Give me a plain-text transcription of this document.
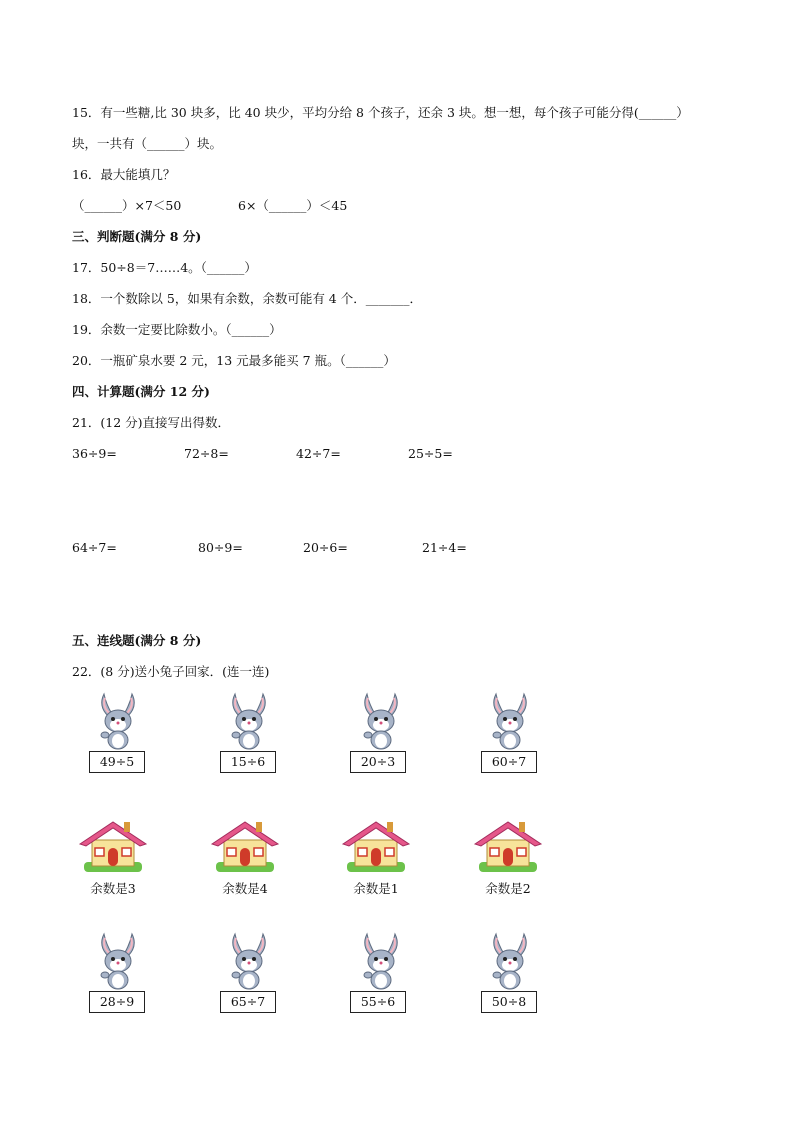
15．有一些糖,比 30 块多，比 40 块少，平均分给 8 个孩子，还余 3 块。想一想，每个孩子可能分得(______）
块，一共有（______）块。
16．最大能填几？
（______）×7＜50	6×（______）＜45
三、判断题(满分 8 分)
17．50÷8＝7……4。（______）
18．一个数除以 5，如果有余数，余数可能有 4 个．_______．
19．余数一定要比除数小。（______）
20．一瓶矿泉水要 2 元，13 元最多能买 7 瓶。（______）
四、计算题(满分 12 分)
21．(12 分)直接写出得数．
36÷9=	72÷8=	42÷7=	25÷5=
64÷7=	80÷9=	20÷6=	21÷4=
五、连线题(满分 8 分)
22．(8 分)送小兔子回家．(连一连)
49÷5	15÷6	20÷3	60÷7
余数是3	余数是4	余数是1	余数是2
28÷9	65÷7	55÷6	50÷8
